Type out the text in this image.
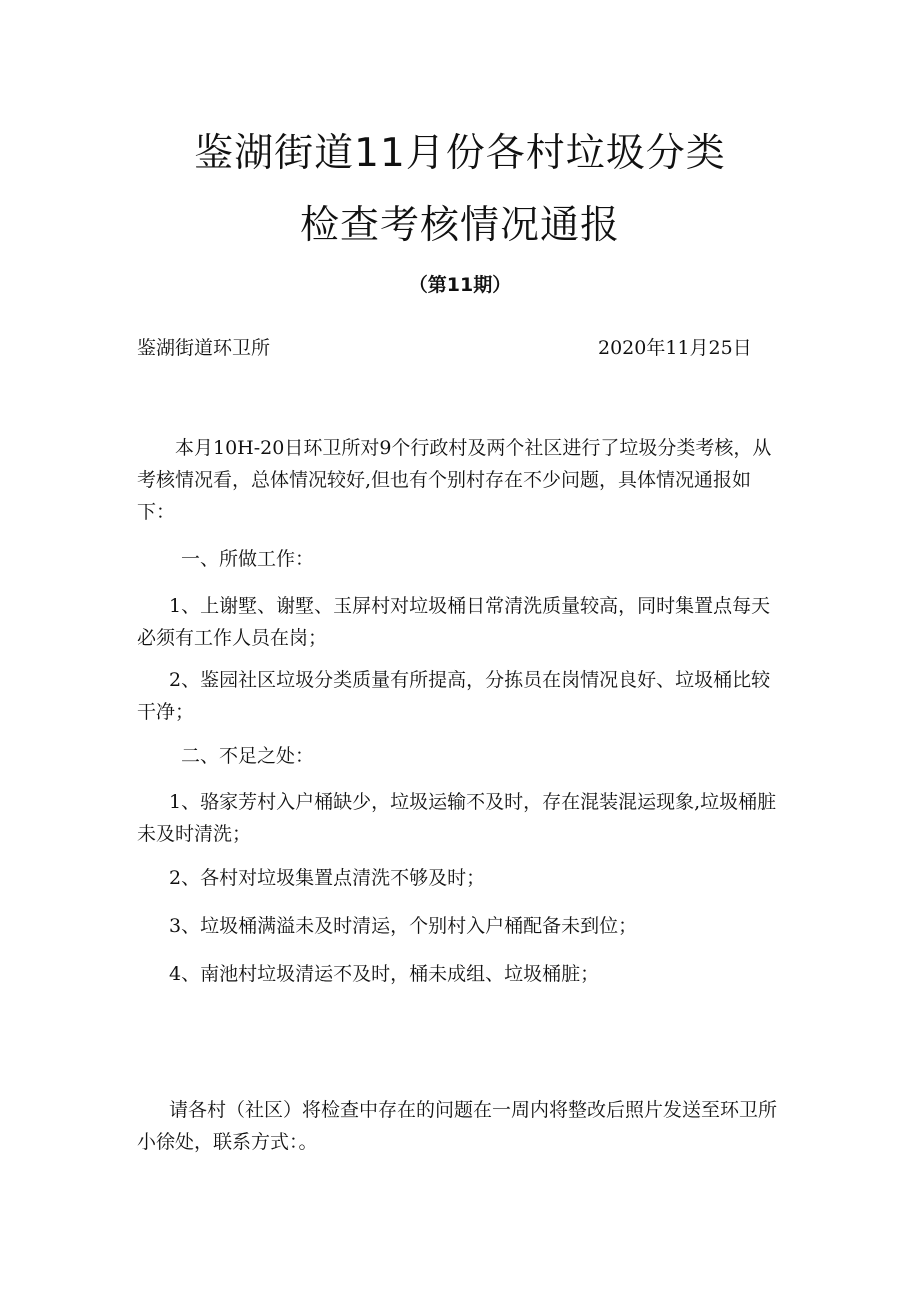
鉴湖街道11月份各村垃圾分类
检查考核情况通报
（第11期）
鉴湖街道环卫所	2020年11月25日

本月10H-20日环卫所对9个行政村及两个社区进行了垃圾分类考核，从考核情况看，总体情况较好,但也有个别村存在不少问题，具体情况通报如下：

一、所做工作：

1、上谢墅、谢墅、玉屏村对垃圾桶日常清洗质量较高，同时集置点每天必须有工作人员在岗；

2、鉴园社区垃圾分类质量有所提高，分拣员在岗情况良好、垃圾桶比较干净；

二、不足之处：

1、骆家芳村入户桶缺少，垃圾运输不及时，存在混装混运现象,垃圾桶脏未及时清洗；

2、各村对垃圾集置点清洗不够及时；

3、垃圾桶满溢未及时清运，个别村入户桶配备未到位；

4、南池村垃圾清运不及时，桶未成组、垃圾桶脏；

请各村（社区）将检查中存在的问题在一周内将整改后照片发送至环卫所小徐处，联系方式：。
